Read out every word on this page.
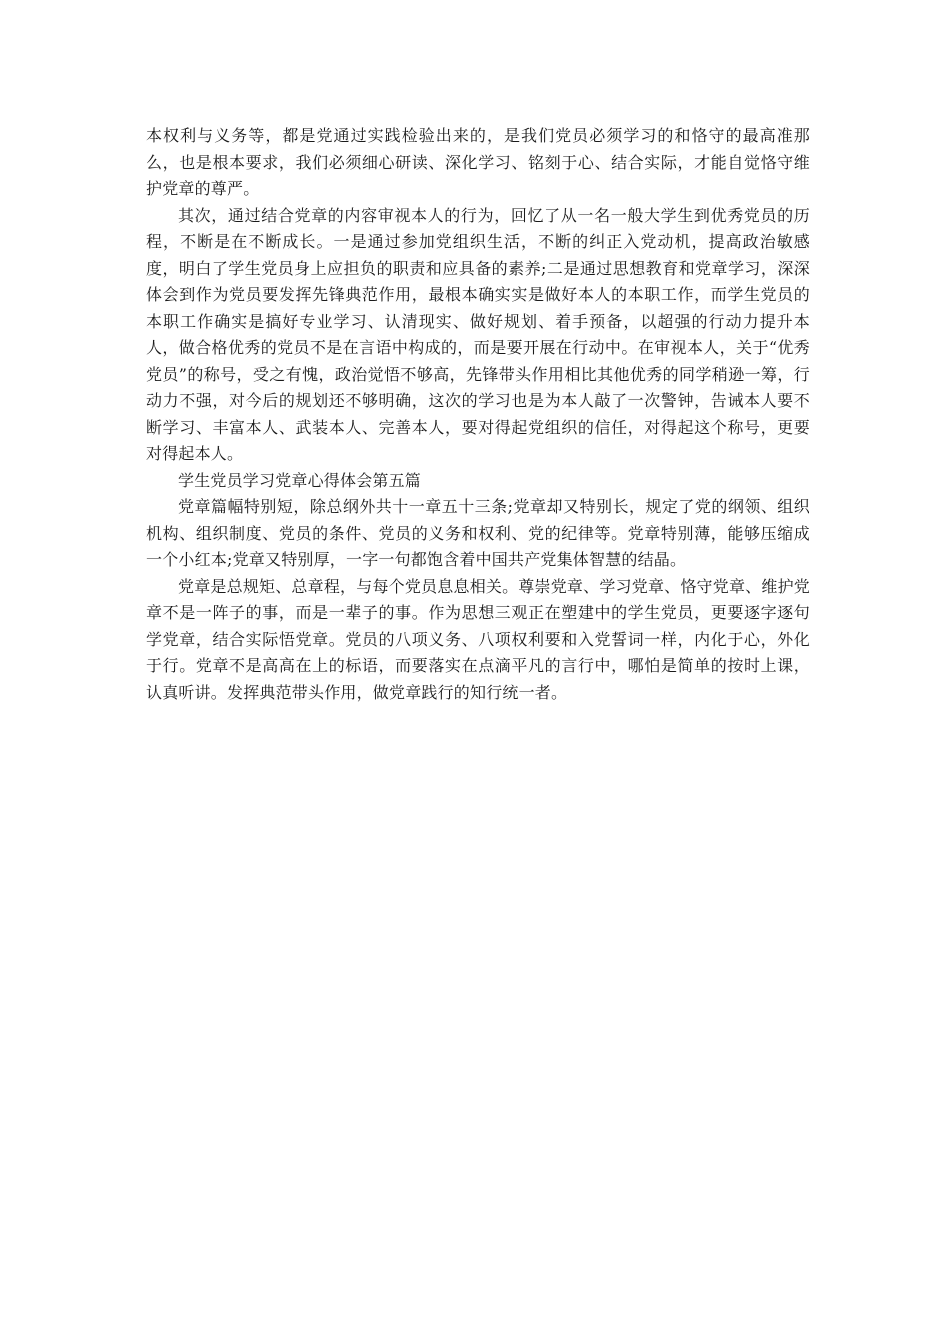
本权利与义务等，都是党通过实践检验出来的，是我们党员必须学习的和恪守的最高准那么，也是根本要求，我们必须细心研读、深化学习、铭刻于心、结合实际，才能自觉恪守维护党章的尊严。

其次，通过结合党章的内容审视本人的行为，回忆了从一名一般大学生到优秀党员的历程，不断是在不断成长。一是通过参加党组织生活，不断的纠正入党动机，提高政治敏感度，明白了学生党员身上应担负的职责和应具备的素养;二是通过思想教育和党章学习，深深体会到作为党员要发挥先锋典范作用，最根本确实实是做好本人的本职工作，而学生党员的本职工作确实是搞好专业学习、认清现实、做好规划、着手预备，以超强的行动力提升本人，做合格优秀的党员不是在言语中构成的，而是要开展在行动中。在审视本人，关于“优秀党员”的称号，受之有愧，政治觉悟不够高，先锋带头作用相比其他优秀的同学稍逊一筹，行动力不强，对今后的规划还不够明确，这次的学习也是为本人敲了一次警钟，告诫本人要不断学习、丰富本人、武装本人、完善本人，要对得起党组织的信任，对得起这个称号，更要对得起本人。

学生党员学习党章心得体会第五篇

党章篇幅特别短，除总纲外共十一章五十三条;党章却又特别长，规定了党的纲领、组织机构、组织制度、党员的条件、党员的义务和权利、党的纪律等。党章特别薄，能够压缩成一个小红本;党章又特别厚，一字一句都饱含着中国共产党集体智慧的结晶。

党章是总规矩、总章程，与每个党员息息相关。尊崇党章、学习党章、恪守党章、维护党章不是一阵子的事，而是一辈子的事。作为思想三观正在塑建中的学生党员，更要逐字逐句学党章，结合实际悟党章。党员的八项义务、八项权利要和入党誓词一样，内化于心，外化于行。党章不是高高在上的标语，而要落实在点滴平凡的言行中，哪怕是简单的按时上课，认真听讲。发挥典范带头作用，做党章践行的知行统一者。
